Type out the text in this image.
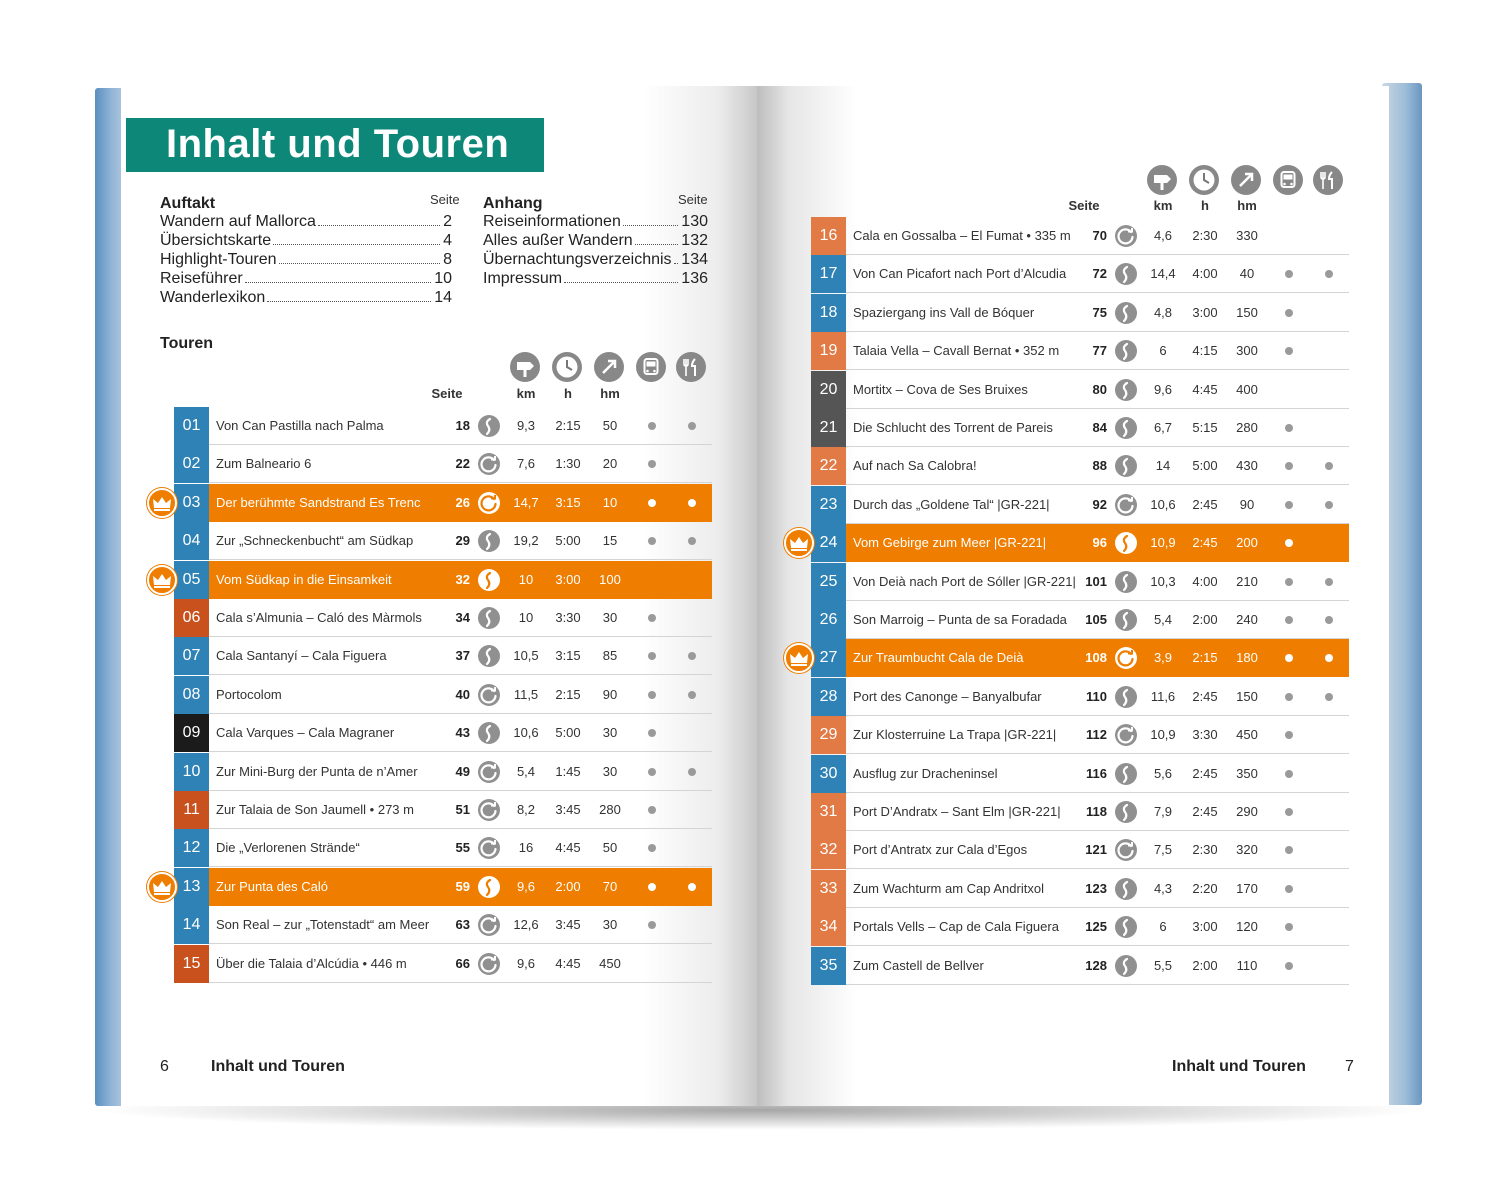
Inhalt und Touren
Auftakt	Seite
Wandern auf Mallorca	2
Übersichtskarte	4
Highlight-Touren	8
Reiseführer	10
Wanderlexikon	14
Anhang	Seite
Reiseinformationen	130
Alles außer Wandern	132
Übernachtungsverzeichnis 134
Impressum	136
Touren
Seite	km	h	hm
Seite	km	h	hm
01	Von Can Pastilla nach Palma	18	9,3	2:15	50
02	Zum Balneario 6	22	7,6	1:30	20
03	Der berühmte Sandstrand Es Trenc	26	14,7	3:15	10
04	Zur „Schneckenbucht“ am Südkap	29	19,2	5:00	15
05	Vom Südkap in die Einsamkeit	32	10	3:00	100
06	Cala s’Almunia – Caló des Màrmols	34	10	3:30	30
07	Cala Santanyí – Cala Figuera	37	10,5	3:15	85
08	Portocolom	40	11,5	2:15	90
09	Cala Varques – Cala Magraner	43	10,6	5:00	30
10	Zur Mini-Burg der Punta de n’Amer	49	5,4	1:45	30
11	Zur Talaia de Son Jaumell • 273 m	51	8,2	3:45	280
12	Die „Verlorenen Strände“	55	16	4:45	50
13	Zur Punta des Caló	59	9,6	2:00	70
14	Son Real – zur „Totenstadt“ am Meer	63	12,6	3:45	30
15	Über die Talaia d’Alcúdia • 446 m	66	9,6	4:45	450
16	Cala en Gossalba – El Fumat • 335 m	70	4,6	2:30	330
17	Von Can Picafort nach Port d’Alcudia	72	14,4	4:00	40
18	Spaziergang ins Vall de Bóquer	75	4,8	3:00	150
19	Talaia Vella – Cavall Bernat • 352 m	77	6	4:15	300
20	Mortitx – Cova de Ses Bruixes	80	9,6	4:45	400
21	Die Schlucht des Torrent de Pareis	84	6,7	5:15	280
22	Auf nach Sa Calobra!	88	14	5:00	430
23	Durch das „Goldene Tal“ |GR-221|	92	10,6	2:45	90
24	Vom Gebirge zum Meer |GR-221|	96	10,9	2:45	200
25	Von Deià nach Port de Sóller |GR-221| 101	10,3	4:00	210
26	Son Marroig – Punta de sa Foradada	105	5,4	2:00	240
27	Zur Traumbucht Cala de Deià	108	3,9	2:15	180
28	Port des Canonge – Banyalbufar	110	11,6	2:45	150
29	Zur Klosterruine La Trapa |GR-221|	112	10,9	3:30	450
30	Ausflug zur Dracheninsel	116	5,6	2:45	350
31	Port D’Andratx – Sant Elm |GR-221|	118	7,9	2:45	290
32	Port d’Antratx zur Cala d’Egos	121	7,5	2:30	320
33	Zum Wachturm am Cap Andritxol	123	4,3	2:20	170
34	Portals Vells – Cap de Cala Figuera	125	6	3:00	120
35	Zum Castell de Bellver	128	5,5	2:00	110
6	Inhalt und Touren	Inhalt und Touren 7
